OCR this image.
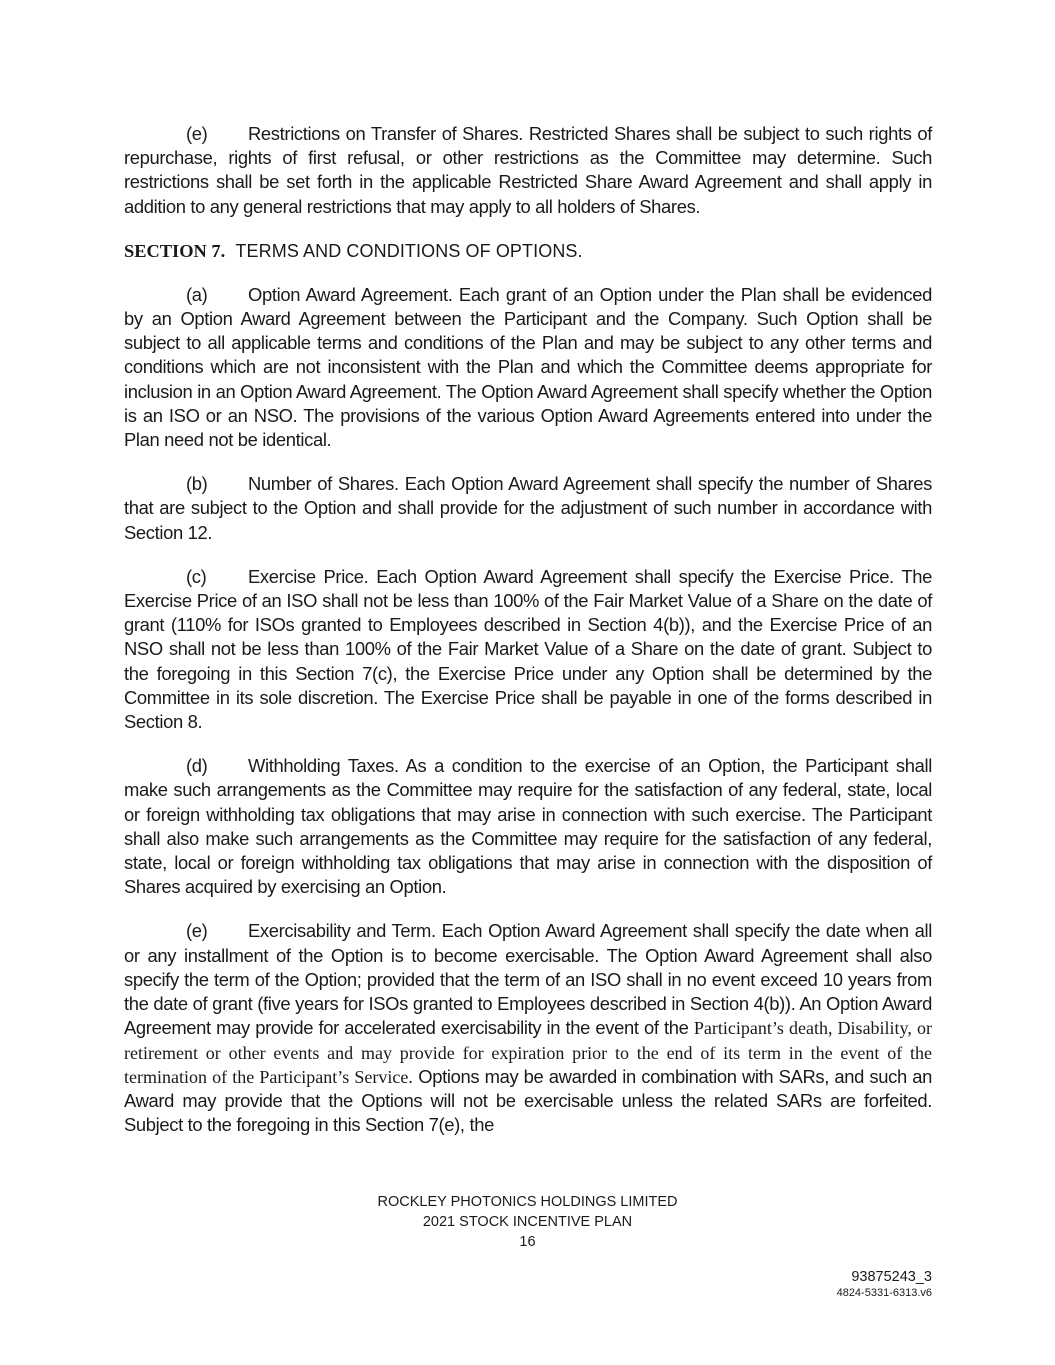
(e) Restrictions on Transfer of Shares. Restricted Shares shall be subject to such rights of repurchase, rights of first refusal, or other restrictions as the Committee may determine. Such restrictions shall be set forth in the applicable Restricted Share Award Agreement and shall apply in addition to any general restrictions that may apply to all holders of Shares.

SECTION 7. TERMS AND CONDITIONS OF OPTIONS.

(a) Option Award Agreement. Each grant of an Option under the Plan shall be evidenced by an Option Award Agreement between the Participant and the Company. Such Option shall be subject to all applicable terms and conditions of the Plan and may be subject to any other terms and conditions which are not inconsistent with the Plan and which the Committee deems appropriate for inclusion in an Option Award Agreement. The Option Award Agreement shall specify whether the Option is an ISO or an NSO. The provisions of the various Option Award Agreements entered into under the Plan need not be identical.

(b) Number of Shares. Each Option Award Agreement shall specify the number of Shares that are subject to the Option and shall provide for the adjustment of such number in accordance with Section 12.

(c) Exercise Price. Each Option Award Agreement shall specify the Exercise Price. The Exercise Price of an ISO shall not be less than 100% of the Fair Market Value of a Share on the date of grant (110% for ISOs granted to Employees described in Section 4(b)), and the Exercise Price of an NSO shall not be less than 100% of the Fair Market Value of a Share on the date of grant. Subject to the foregoing in this Section 7(c), the Exercise Price under any Option shall be determined by the Committee in its sole discretion. The Exercise Price shall be payable in one of the forms described in Section 8.

(d) Withholding Taxes. As a condition to the exercise of an Option, the Participant shall make such arrangements as the Committee may require for the satisfaction of any federal, state, local or foreign withholding tax obligations that may arise in connection with such exercise. The Participant shall also make such arrangements as the Committee may require for the satisfaction of any federal, state, local or foreign withholding tax obligations that may arise in connection with the disposition of Shares acquired by exercising an Option.

(e) Exercisability and Term. Each Option Award Agreement shall specify the date when all or any installment of the Option is to become exercisable. The Option Award Agreement shall also specify the term of the Option; provided that the term of an ISO shall in no event exceed 10 years from the date of grant (five years for ISOs granted to Employees described in Section 4(b)). An Option Award Agreement may provide for accelerated exercisability in the event of the Participant’s death, Disability, or retirement or other events and may provide for expiration prior to the end of its term in the event of the termination of the Participant’s Service. Options may be awarded in combination with SARs, and such an Award may provide that the Options will not be exercisable unless the related SARs are forfeited. Subject to the foregoing in this Section 7(e), the

ROCKLEY PHOTONICS HOLDINGS LIMITED
2021 STOCK INCENTIVE PLAN
16
93875243_3
4824-5331-6313.v6
